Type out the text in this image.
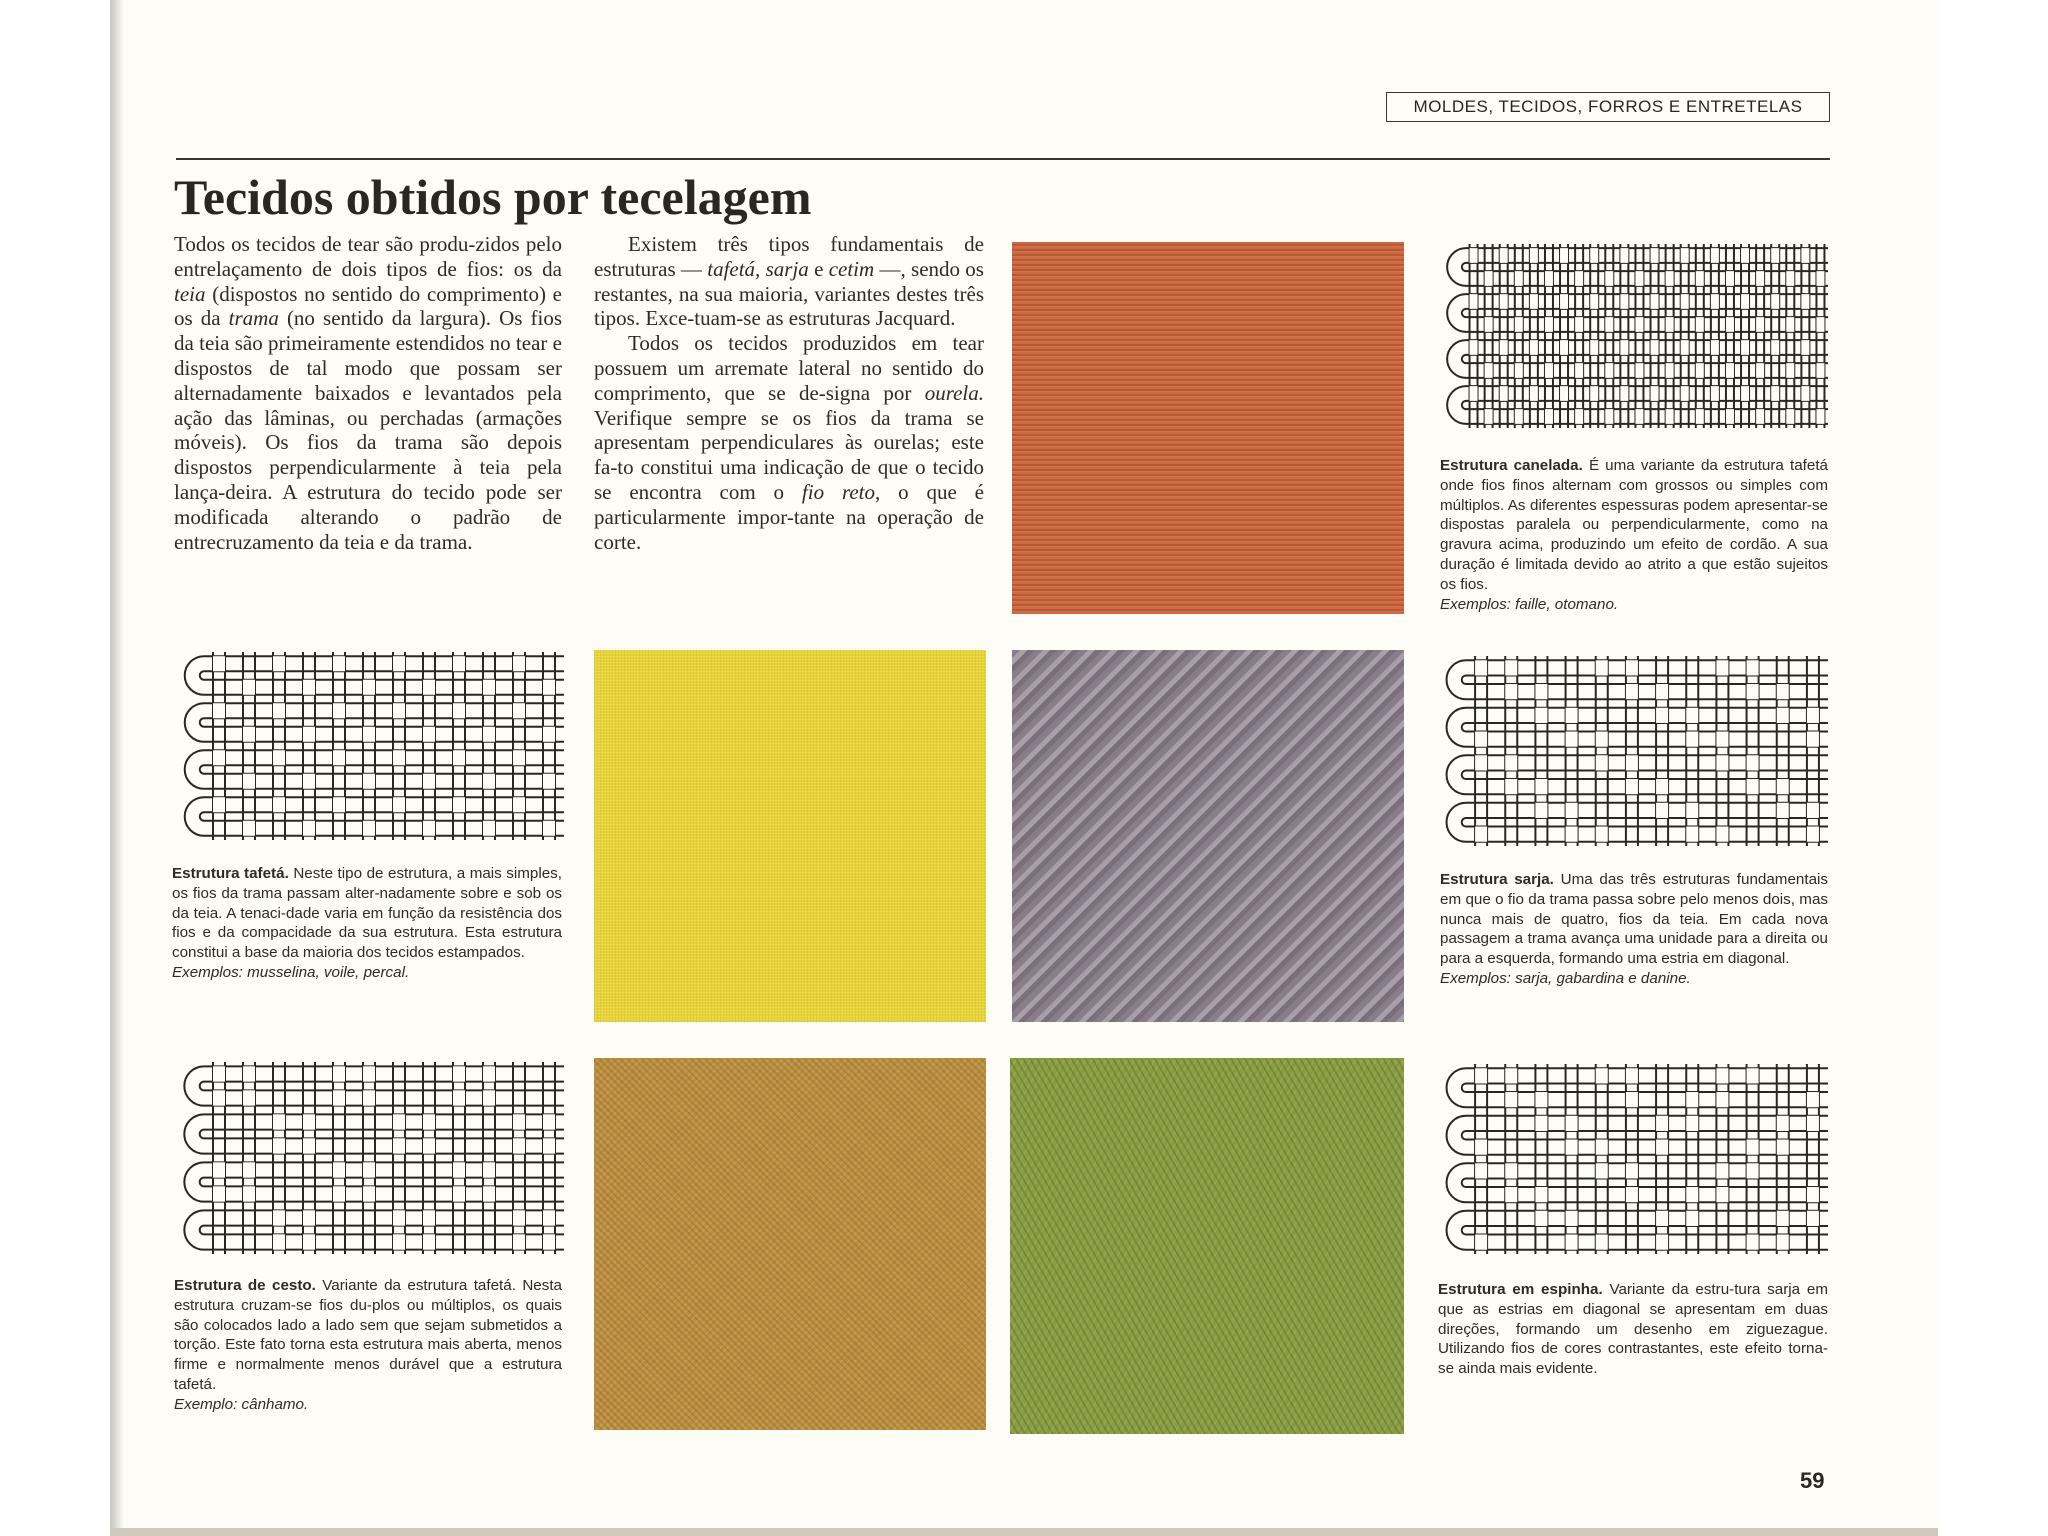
MOLDES, TECIDOS, FORROS E ENTRETELAS
Tecidos obtidos por tecelagem

Todos os tecidos de tear são produ-zidos pelo entrelaçamento de dois tipos de fios: os da teia (dispostos no sentido do comprimento) e os da trama (no sentido da largura). Os fios da teia são primeiramente estendidos no tear e dispostos de tal modo que possam ser alternadamente baixados e levantados pela ação das lâminas, ou perchadas (armações móveis). Os fios da trama são depois dispostos perpendicularmente à teia pela lança-deira. A estrutura do tecido pode ser modificada alterando o padrão de entrecruzamento da teia e da trama.

Existem três tipos fundamentais de estruturas — tafetá, sarja e cetim —, sendo os restantes, na sua maioria, variantes destes três tipos. Exce-tuam-se as estruturas Jacquard.

Todos os tecidos produzidos em tear possuem um arremate lateral no sentido do comprimento, que se de-signa por ourela. Verifique sempre se os fios da trama se apresentam perpendiculares às ourelas; este fa-to constitui uma indicação de que o tecido se encontra com o fio reto, o que é particularmente impor-tante na operação de corte.

Estrutura canelada. É uma variante da estrutura tafetá onde fios finos alternam com grossos ou simples com múltiplos. As diferentes espessuras podem apresentar-se dispostas paralela ou perpendicularmente, como na gravura acima, produzindo um efeito de cordão. A sua duração é limitada devido ao atrito a que estão sujeitos os fios.
Exemplos: faille, otomano.
Estrutura tafetá. Neste tipo de estrutura, a mais simples, os fios da trama passam alter-nadamente sobre e sob os da teia. A tenaci-dade varia em função da resistência dos fios e da compacidade da sua estrutura. Esta estrutura constitui a base da maioria dos tecidos estampados.
Exemplos: musselina, voile, percal.
Estrutura sarja. Uma das três estruturas fundamentais em que o fio da trama passa sobre pelo menos dois, mas nunca mais de quatro, fios da teia. Em cada nova passagem a trama avança uma unidade para a direita ou para a esquerda, formando uma estria em diagonal.
Exemplos: sarja, gabardina e danine.
Estrutura de cesto. Variante da estrutura tafetá. Nesta estrutura cruzam-se fios du-plos ou múltiplos, os quais são colocados lado a lado sem que sejam submetidos a torção. Este fato torna esta estrutura mais aberta, menos firme e normalmente menos durável que a estrutura tafetá.
Exemplo: cânhamo.
Estrutura em espinha. Variante da estru-tura sarja em que as estrias em diagonal se apresentam em duas direções, formando um desenho em ziguezague. Utilizando fios de cores contrastantes, este efeito torna-se ainda mais evidente.
59
